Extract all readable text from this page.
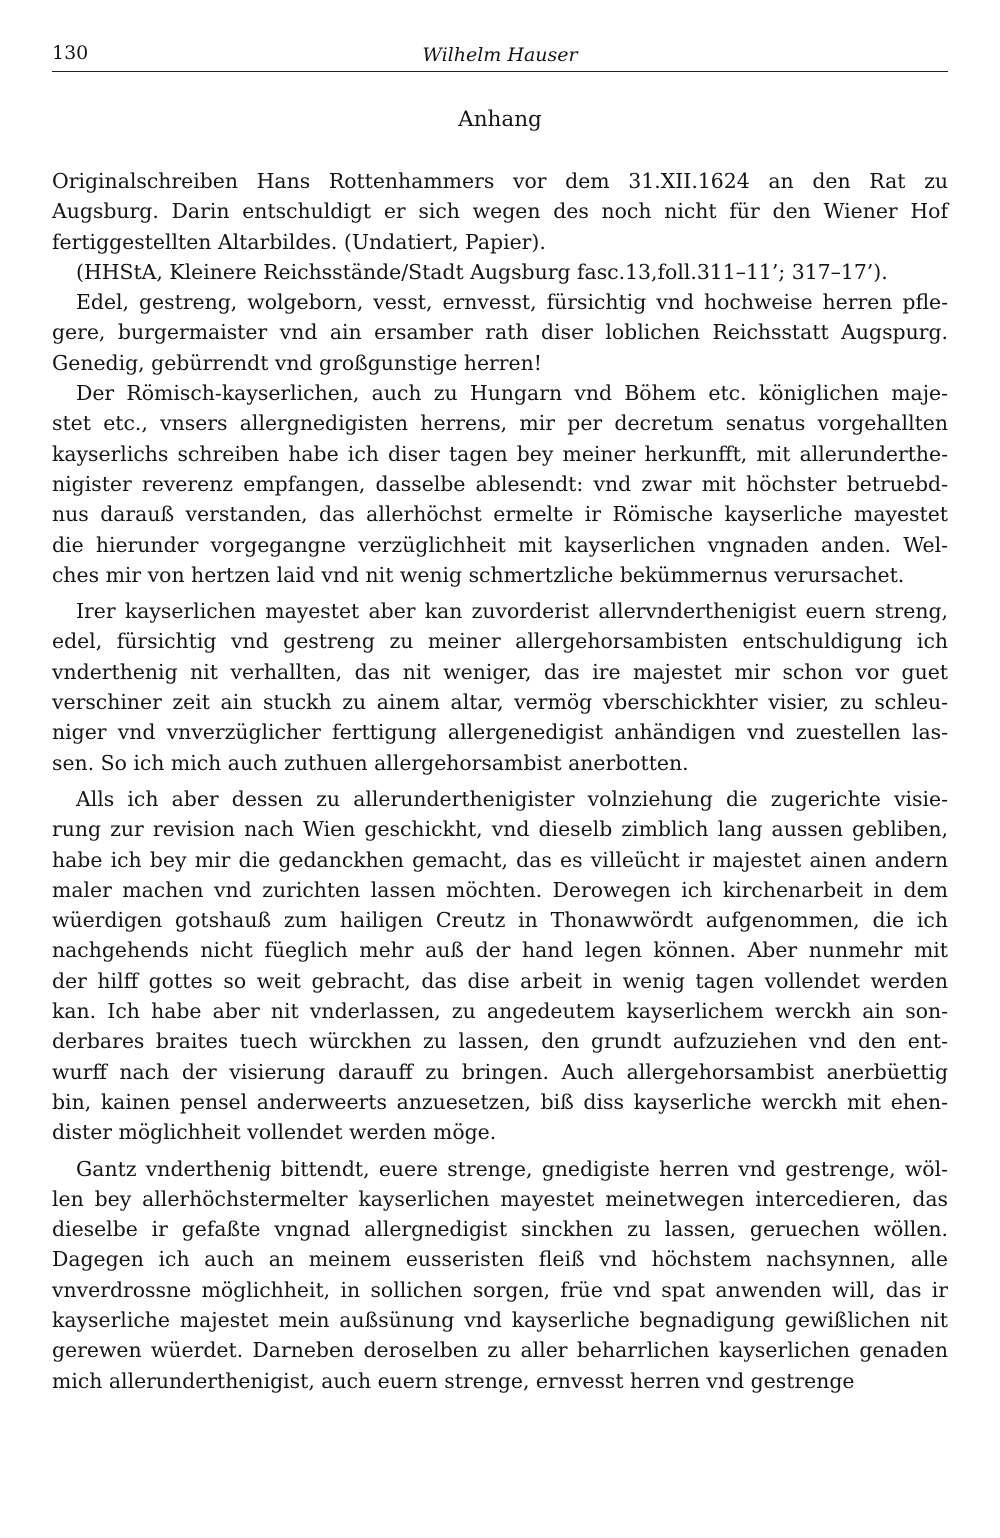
130	Wilhelm Hauser
Anhang
Originalschreiben Hans Rottenhammers vor dem 31.XII.1624 an den Rat zu
Augsburg. Darin entschuldigt er sich wegen des noch nicht für den Wiener Hof
fertiggestellten Altarbildes. (Undatiert, Papier).
(HHStA, Kleinere Reichsstände/Stadt Augsburg fasc.13,foll.311–11’; 317–17’).
Edel, gestreng, wolgeborn, vesst, ernvesst, fürsichtig vnd hochweise herren pfle-
gere, burgermaister vnd ain ersamber rath diser loblichen Reichsstatt Augspurg.
Genedig, gebürrendt vnd großgunstige herren!
Der Römisch-kayserlichen, auch zu Hungarn vnd Böhem etc. königlichen maje-
stet etc., vnsers allergnedigisten herrens, mir per decretum senatus vorgehallten
kayserlichs schreiben habe ich diser tagen bey meiner herkunfft, mit allerunderthe-
nigister reverenz empfangen, dasselbe ablesendt: vnd zwar mit höchster betruebd-
nus darauß verstanden, das allerhöchst ermelte ir Römische kayserliche mayestet
die hierunder vorgegangne verzüglichheit mit kayserlichen vngnaden anden. Wel-
ches mir von hertzen laid vnd nit wenig schmertzliche bekümmernus verursachet.
Irer kayserlichen mayestet aber kan zuvorderist allervnderthenigist euern streng,
edel, fürsichtig vnd gestreng zu meiner allergehorsambisten entschuldigung ich
vnderthenig nit verhallten, das nit weniger, das ire majestet mir schon vor guet
verschiner zeit ain stuckh zu ainem altar, vermög vberschickhter visier, zu schleu-
niger vnd vnverzüglicher ferttigung allergenedigist anhändigen vnd zuestellen las-
sen. So ich mich auch zuthuen allergehorsambist anerbotten.
Alls ich aber dessen zu allerunderthenigister volnziehung die zugerichte visie-
rung zur revision nach Wien geschickht, vnd dieselb zimblich lang aussen gebliben,
habe ich bey mir die gedanckhen gemacht, das es villeücht ir majestet ainen andern
maler machen vnd zurichten lassen möchten. Derowegen ich kirchenarbeit in dem
wüerdigen gotshauß zum hailigen Creutz in Thonawwördt aufgenommen, die ich
nachgehends nicht füeglich mehr auß der hand legen können. Aber nunmehr mit
der hilff gottes so weit gebracht, das dise arbeit in wenig tagen vollendet werden
kan. Ich habe aber nit vnderlassen, zu angedeutem kayserlichem werckh ain son-
derbares braites tuech würckhen zu lassen, den grundt aufzuziehen vnd den ent-
wurff nach der visierung darauff zu bringen. Auch allergehorsambist anerbüettig
bin, kainen pensel anderweerts anzuesetzen, biß diss kayserliche werckh mit ehen-
dister möglichheit vollendet werden möge.
Gantz vnderthenig bittendt, euere strenge, gnedigiste herren vnd gestrenge, wöl-
len bey allerhöchstermelter kayserlichen mayestet meinetwegen intercedieren, das
dieselbe ir gefaßte vngnad allergnedigist sinckhen zu lassen, geruechen wöllen.
Dagegen ich auch an meinem eusseristen fleiß vnd höchstem nachsynnen, alle
vnverdrossne möglichheit, in sollichen sorgen, früe vnd spat anwenden will, das ir
kayserliche majestet mein außsünung vnd kayserliche begnadigung gewißlichen nit
gerewen wüerdet. Darneben deroselben zu aller beharrlichen kayserlichen genaden
mich allerunderthenigist, auch euern strenge, ernvesst herren vnd gestrenge
